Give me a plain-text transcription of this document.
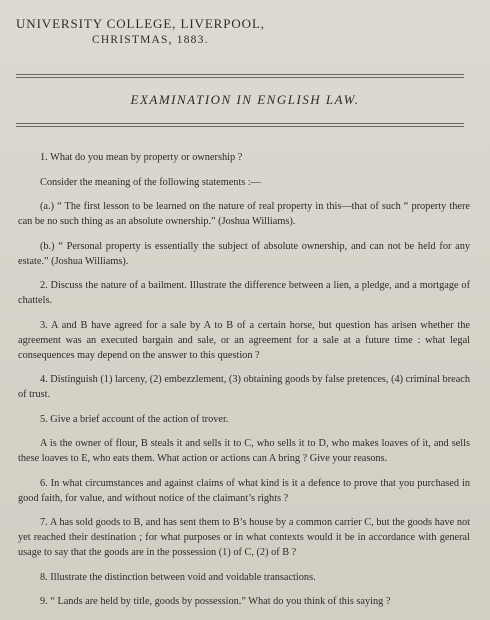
UNIVERSITY COLLEGE, LIVERPOOL,
CHRISTMAS, 1883.
EXAMINATION IN ENGLISH LAW.

1. What do you mean by property or ownership ?

Consider the meaning of the following statements :—

(a.) “ The first lesson to be learned on the nature of real property in this—that of such “ property there can be no such thing as an absolute ownership.” (Joshua Williams).

(b.) “ Personal property is essentially the subject of absolute ownership, and can not be held for any estate.” (Joshua Williams).

2. Discuss the nature of a bailment. Illustrate the difference between a lien, a pledge, and a mortgage of chattels.

3. A and B have agreed for a sale by A to B of a certain horse, but question has arisen whether the agreement was an executed bargain and sale, or an agreement for a sale at a future time : what legal consequences may depend on the answer to this question ?

4. Distinguish (1) larceny, (2) embezzlement, (3) obtaining goods by false pretences, (4) criminal breach of trust.

5. Give a brief account of the action of trover.

A is the owner of flour, B steals it and sells it to C, who sells it to D, who makes loaves of it, and sells these loaves to E, who eats them. What action or actions can A bring ? Give your reasons.

6. In what circumstances and against claims of what kind is it a defence to prove that you purchased in good faith, for value, and without notice of the claimant’s rights ?

7. A has sold goods to B, and has sent them to B’s house by a common carrier C, but the goods have not yet reached their destination ; for what purposes or in what contexts would it be in accordance with general usage to say that the goods are in the possession (1) of C, (2) of B ?

8. Illustrate the distinction between void and voidable transactions.

9. “ Lands are held by title, goods by possession.” What do you think of this saying ?
